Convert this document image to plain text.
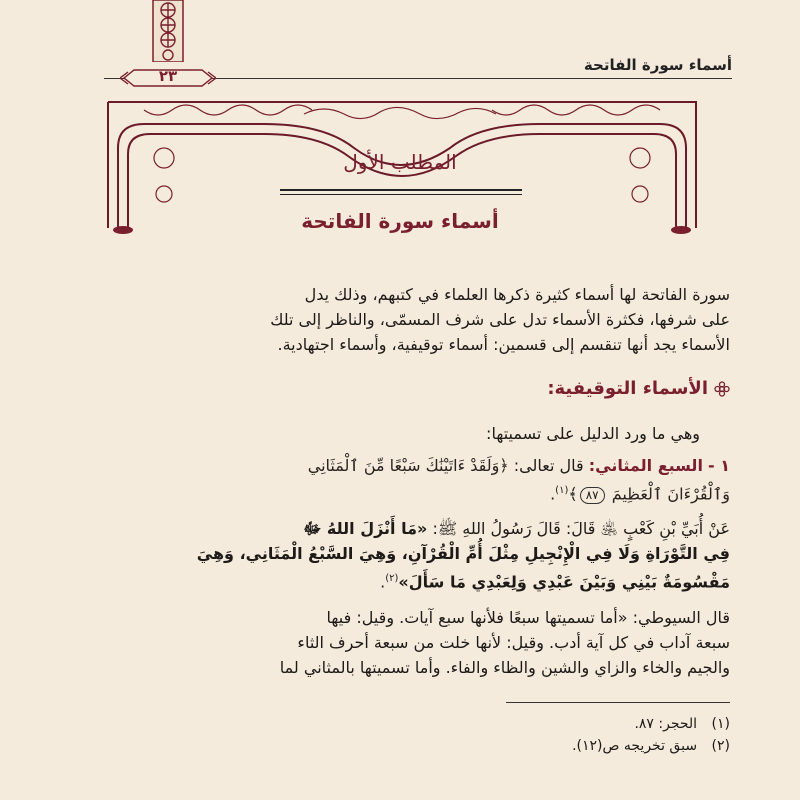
أسماء سورة الفاتحة
٢٣
المطلب الأول
أسماء سورة الفاتحة
سورة الفاتحة لها أسماء كثيرة ذكرها العلماء في كتبهم، وذلك يدل
على شرفها، فكثرة الأسماء تدل على شرف المسمّى، والناظر إلى تلك
الأسماء يجد أنها تنقسم إلى قسمين: أسماء توقيفية، وأسماء اجتهادية.
الأسماء التوقيفية:
وهي ما ورد الدليل على تسميتها:
١ - السبع المثاني: قال تعالى: ﴿وَلَقَدْ ءَاتَيْنَٰكَ سَبْعًا مِّنَ ٱلْمَثَانِي
وَٱلْقُرْءَانَ ٱلْعَظِيمَ ٨٧﴾$^{(١)}$.
عَنْ أُبَيِّ بْنِ كَعْبٍ ﵁ قَالَ: قَالَ رَسُولُ اللهِ ﷺ: «مَا أَنْزَلَ اللهُ ﷻ
فِي التَّوْرَاةِ وَلَا فِي الْإِنْجِيلِ مِثْلَ أُمِّ الْقُرْآنِ، وَهِيَ السَّبْعُ الْمَثَانِي، وَهِيَ
مَقْسُومَةٌ بَيْنِي وَبَيْنَ عَبْدِي وَلِعَبْدِي مَا سَأَلَ»$^{(٢)}$.
قال السيوطي: «أما تسميتها سبعًا فلأنها سبع آيات. وقيل: فيها
سبعة آداب في كل آية أدب. وقيل: لأنها خلت من سبعة أحرف الثاء
والجيم والخاء والزاي والشين والظاء والفاء. وأما تسميتها بالمثاني لما
(١) الحجر: ٨٧.
(٢) سبق تخريجه ص(١٢).
